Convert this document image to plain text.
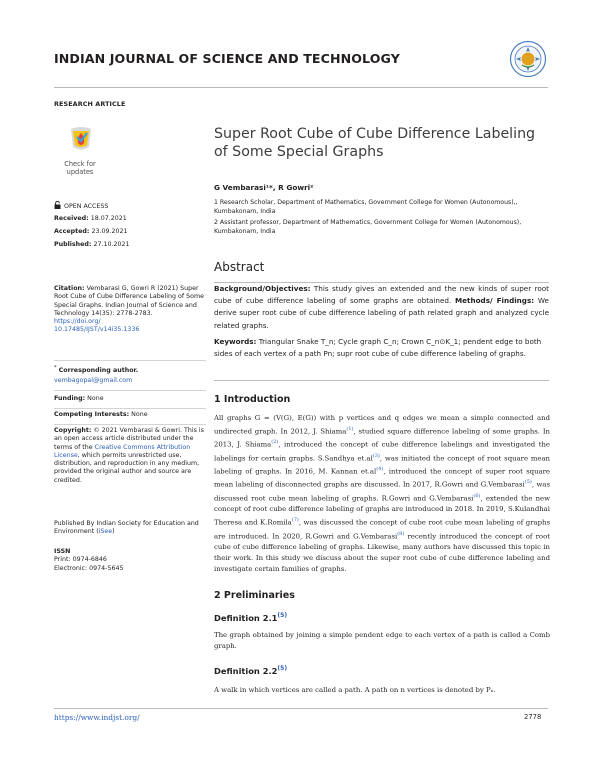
INDIAN JOURNAL OF SCIENCE AND TECHNOLOGY
RESEARCH ARTICLE
Check for updates
OPEN ACCESS
Received: 18.07.2021
Accepted: 23.09.2021
Published: 27.10.2021
Citation: Vembarasi G, Gowri R (2021) Super Root Cube of Cube Difference Labeling of Some Special Graphs. Indian Journal of Science and Technology 14(35): 2778-2783.
https://doi.org/
10.17485/IJST/v14i35.1336
* Corresponding author.
vembagopal@gmail.com
Funding: None
Competing Interests: None
Copyright: © 2021 Vembarasi & Gowri. This is an open access article distributed under the terms of the Creative Commons Attribution License, which permits unrestricted use, distribution, and reproduction in any medium, provided the original author and source are credited.
Published By Indian Society for Education and Environment (iSee)
ISSN
Print: 0974-6846
Electronic: 0974-5645
Super Root Cube of Cube Difference Labeling of Some Special Graphs
G Vembarasi¹*, R Gowri²
1 Research Scholar, Department of Mathematics, Government College for Women (Autonomous),, Kumbakonam, India
2 Assistant professor, Department of Mathematics, Government College for Women (Autonomous), Kumbakonam, India
Abstract
Background/Objectives: This study gives an extended and the new kinds of super root cube of cube difference labeling of some graphs are obtained. Methods/ Findings: We derive super root cube of cube difference labeling of path related graph and analyzed cycle related graphs.
Keywords: Triangular Snake T_n; Cycle graph C_n; Crown C_n⊙K_1; pendent edge to both sides of each vertex of a path Pn; supr root cube of cube difference labeling of graphs.
1 Introduction
All graphs G = (V(G), E(G)) with p vertices and q edges we mean a simple connected and undirected graph. In 2012, J. Shiama$^{(1)}$, studied square difference labeling of some graphs. In 2013, J. Shiama$^{(2)}$, introduced the concept of cube difference labelings and investigated the labelings for certain graphs. S.Sandhya et.al$^{(3)}$, was initiated the concept of root square mean labeling of graphs. In 2016, M. Kannan et.al$^{(4)}$, introduced the concept of super root square mean labeling of disconnected graphs are discussed. In 2017, R.Gowri and G.Vembarasi$^{(5)}$, was discussed root cube mean labeling of graphs. R.Gowri and G.Vembarasi$^{(6)}$, extended the new concept of root cube difference labeling of graphs are introduced in 2018. In 2019, S.Kulandhai Theresa and K.Romila$^{(7)}$, was discussed the concept of cube root cube mean labeling of graphs are introduced. In 2020, R.Gowri and G.Vembarasi$^{(8)}$ recently introduced the concept of root cube of cube difference labeling of graphs. Likewise, many authors have discussed this topic in their work. In this study we discuss about the super root cube of cube difference labeling and investigate certain families of graphs.
2 Preliminaries
Definition 2.1$^{(5)}$
The graph obtained by joining a simple pendent edge to each vertex of a path is called a Comb graph.
Definition 2.2$^{(5)}$
A walk in which vertices are called a path. A path on n vertices is denoted by Pₙ.
https://www.indjst.org/	2778
